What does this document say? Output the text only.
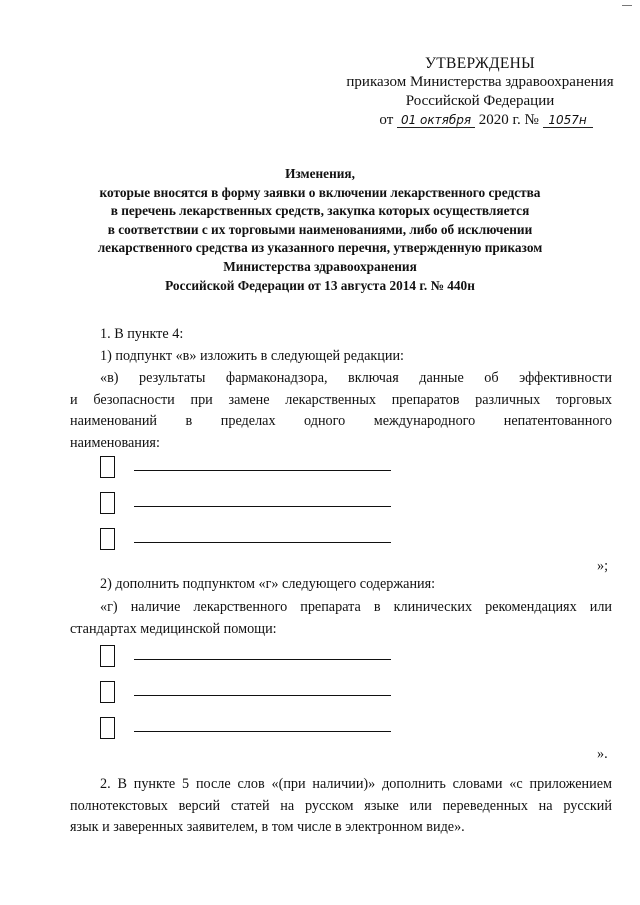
УТВЕРЖДЕНЫ
приказом Министерства здравоохранения
Российской Федерации
от 01 октября 2020 г. № 1057н
Изменения,
которые вносятся в форму заявки о включении лекарственного средства
в перечень лекарственных средств, закупка которых осуществляется
в соответствии с их торговыми наименованиями, либо об исключении
лекарственного средства из указанного перечня, утвержденную приказом
Министерства здравоохранения
Российской Федерации от 13 августа 2014 г. № 440н
1. В пункте 4:
1) подпункт «в» изложить в следующей редакции:
«в) результаты фармаконадзора, включая данные об эффективности
и безопасности при замене лекарственных препаратов различных торговых
наименований в пределах одного международного непатентованного
наименования:
»;
2) дополнить подпунктом «г» следующего содержания:
«г) наличие лекарственного препарата в клинических рекомендациях или
стандартах медицинской помощи:
».
2. В пункте 5 после слов «(при наличии)» дополнить словами «с приложением
полнотекстовых версий статей на русском языке или переведенных на русский
язык и заверенных заявителем, в том числе в электронном виде».
